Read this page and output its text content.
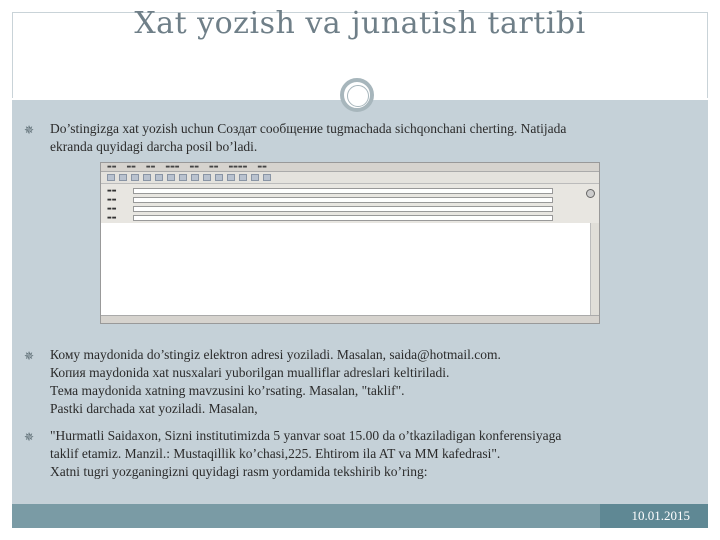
Xat yozish va junatish tartibi
✵ Do’stingizga xat yozish uchun Создат сообщение tugmachada sichqonchani cherting. Natijada
ekranda quyidagi darcha posil bo’ladi.
▬▬ ▬▬ ▬▬ ▬▬▬ ▬▬ ▬▬ ▬▬▬▬ ▬▬
▬▬
▬▬
▬▬
▬▬
✵ Кому maydonida do’stingiz elektron adresi yoziladi. Masalan, saida@hotmail.com.
Копия maydonida xat nusxalari yuborilgan mualliflar adreslari keltiriladi.
Тема maydonida xatning mavzusini ko’rsating. Masalan, "taklif".
Pastki darchada xat yoziladi. Masalan,
✵ "Hurmatli Saidaxon, Sizni institutimizda 5 yanvar soat 15.00 da o’tkaziladigan konferensiyaga
taklif etamiz. Manzil.: Mustaqillik ko’chasi,225. Ehtirom ila AT va MM kafedrasi".
Xatni tugri yozganingizni quyidagi rasm yordamida tekshirib ko’ring:
10.01.2015
